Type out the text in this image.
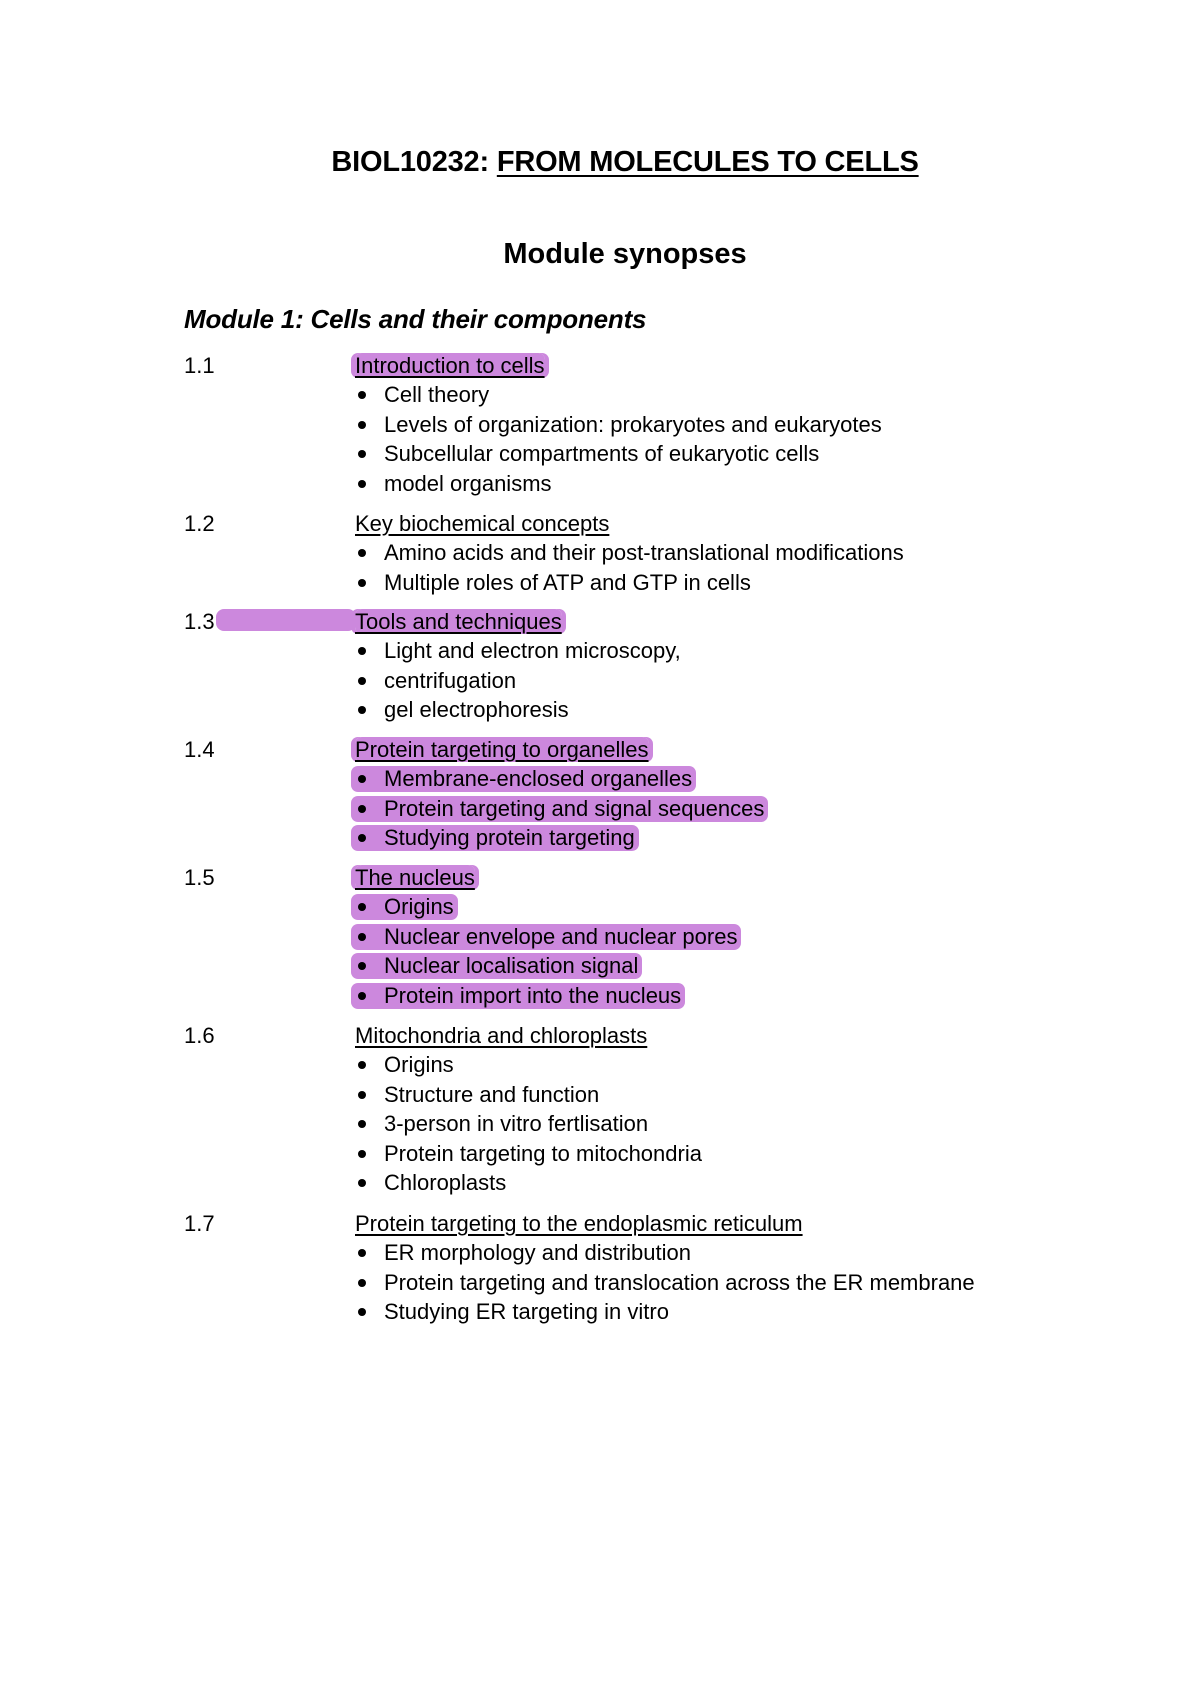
BIOL10232: FROM MOLECULES TO CELLS
Module synopses
Module 1: Cells and their components
1.1	Introduction to cells
Cell theory
Levels of organization: prokaryotes and eukaryotes
Subcellular compartments of eukaryotic cells
model organisms
1.2	Key biochemical concepts
Amino acids and their post-translational modifications
Multiple roles of ATP and GTP in cells
1.3	Tools and techniques
Light and electron microscopy,
centrifugation
gel electrophoresis
1.4	Protein targeting to organelles
Membrane-enclosed organelles
Protein targeting and signal sequences
Studying protein targeting
1.5	The nucleus
Origins
Nuclear envelope and nuclear pores
Nuclear localisation signal
Protein import into the nucleus
1.6	Mitochondria and chloroplasts
Origins
Structure and function
3-person in vitro fertlisation
Protein targeting to mitochondria
Chloroplasts
1.7	Protein targeting to the endoplasmic reticulum
ER morphology and distribution
Protein targeting and translocation across the ER membrane
Studying ER targeting in vitro
